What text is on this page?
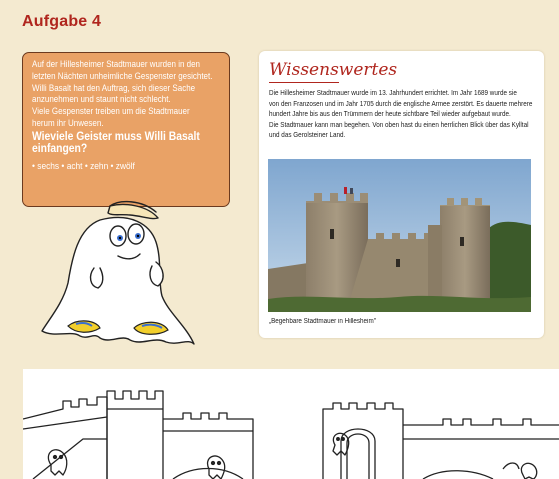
Aufgabe 4

Auf der Hillesheimer Stadtmauer wurden in den
letzten Nächten unheimliche Gespenster gesichtet.
Willi Basalt hat den Auftrag, sich dieser Sache
anzunehmen und staunt nicht schlecht.
Viele Gespenster treiben um die Stadtmauer
herum ihr Unwesen.

Wieviele Geister muss Willi Basalt einfangen?

• sechs • acht • zehn • zwölf
Wissenswertes

Die Hillesheimer Stadtmauer wurde im 13. Jahrhundert errichtet. Im Jahr 1689 wurde sie
von den Franzosen und im Jahr 1705 durch die englische Armee zerstört. Es dauerte mehrere
hundert Jahre bis aus den Trümmern der heute sichtbare Teil wieder aufgebaut wurde.
Die Stadtmauer kann man begehen. Von oben hast du einen herrlichen Blick über das Kylltal
und das Gerolsteiner Land.

„Begehbare Stadtmauer in Hillesheim"
